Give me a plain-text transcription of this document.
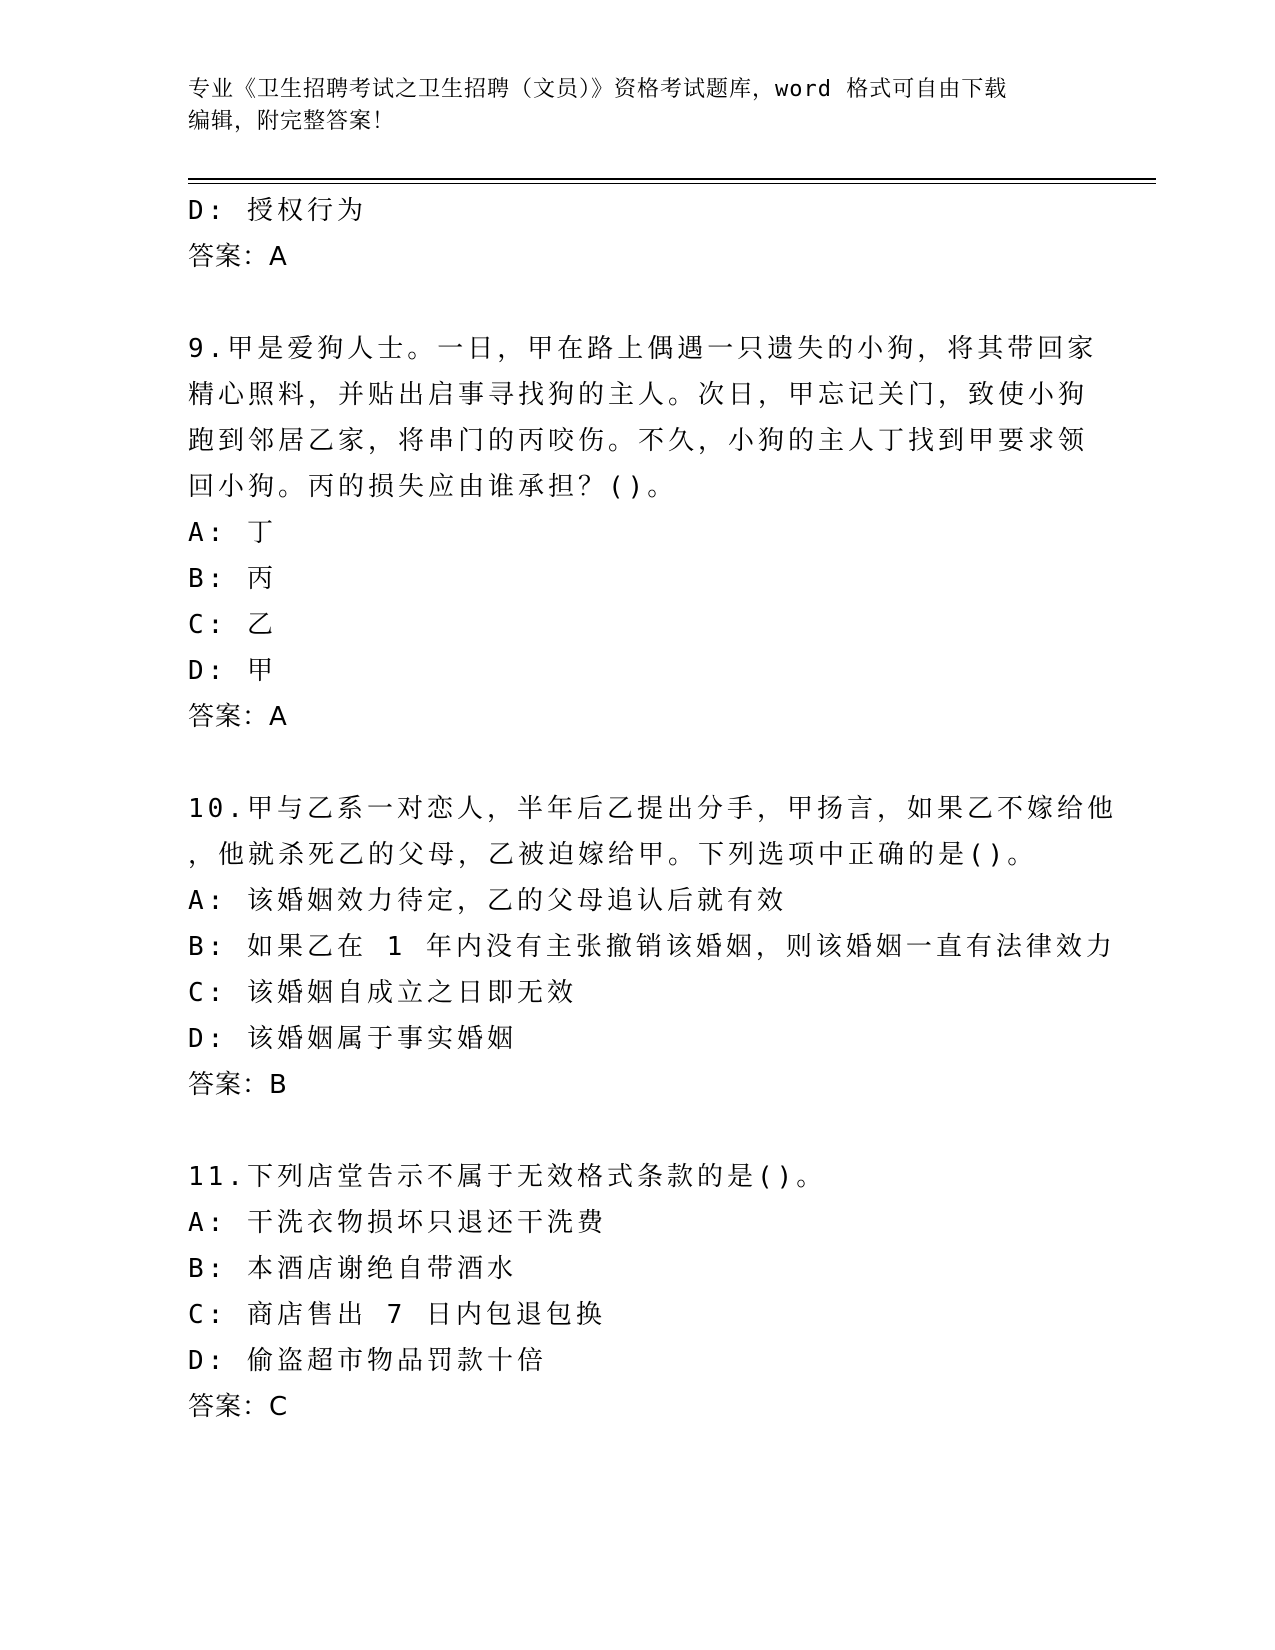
专业《卫生招聘考试之卫生招聘（文员）》资格考试题库，word 格式可自由下载
编辑，附完整答案！
D: 授权行为
答案：A
9.甲是爱狗人士。一日，甲在路上偶遇一只遗失的小狗，将其带回家
精心照料，并贴出启事寻找狗的主人。次日，甲忘记关门，致使小狗
跑到邻居乙家，将串门的丙咬伤。不久，小狗的主人丁找到甲要求领
回小狗。丙的损失应由谁承担？()。
A: 丁
B: 丙
C: 乙
D: 甲
答案：A
10.甲与乙系一对恋人，半年后乙提出分手，甲扬言，如果乙不嫁给他
，他就杀死乙的父母，乙被迫嫁给甲。下列选项中正确的是()。
A: 该婚姻效力待定，乙的父母追认后就有效
B: 如果乙在 1 年内没有主张撤销该婚姻，则该婚姻一直有法律效力
C: 该婚姻自成立之日即无效
D: 该婚姻属于事实婚姻
答案：B
11.下列店堂告示不属于无效格式条款的是()。
A: 干洗衣物损坏只退还干洗费
B: 本酒店谢绝自带酒水
C: 商店售出 7 日内包退包换
D: 偷盗超市物品罚款十倍
答案：C
